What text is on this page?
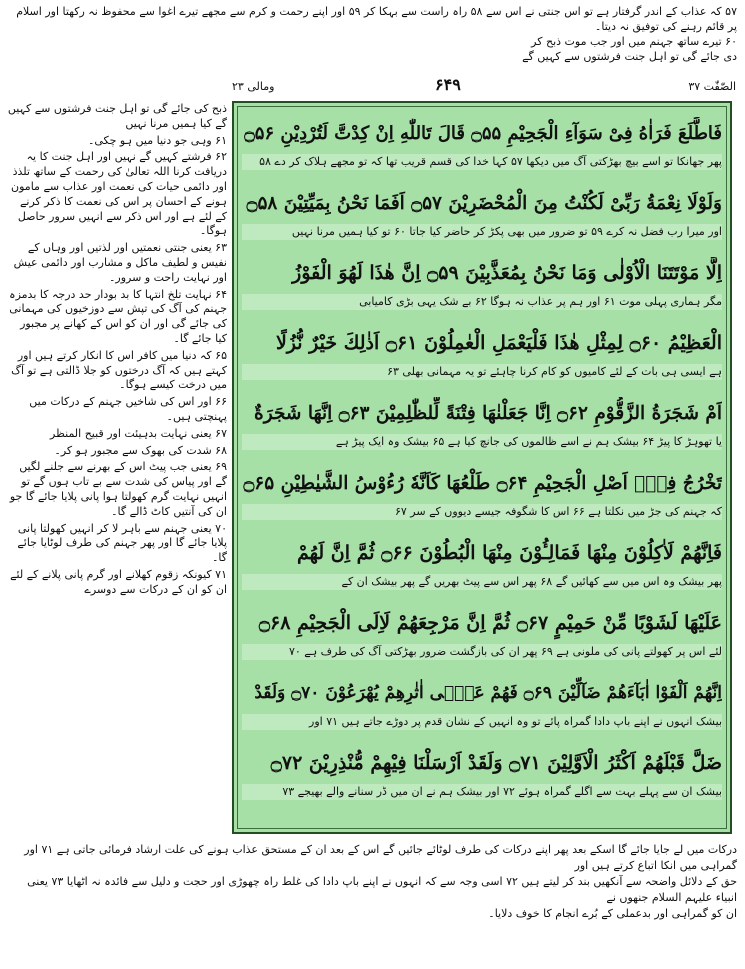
۵۷ کہ عذاب کے اندر گرفتار ہے تو اس جنتی نے اس سے ۵۸ راہ راست سے بہکا کر ۵۹ اور اپنے رحمت و کرم سے مجھے تیرے اغوا سے محفوظ نہ رکھتا اور اسلام پر قائم رہنے کی توفیق نہ دیتا۔
۶۰ تیرے ساتھ جہنم میں اور جب موت ذبح کر دی جائے گی تو اہل جنت فرشتوں سے کہیں گے
ومالی ۲۳	۶۴۹	الصّٰفّٰت ۳۷
فَاطَّلَعَ فَرَاٰهُ فِیْ سَوَآءِ الْجَحِیْمِ ۝۵۵ قَالَ تَاللّٰهِ اِنْ كِدْتَّ لَتُرْدِیْنِ ۝۵۶
پھر جھانکا تو اسے بیچ بھڑکتی آگ میں دیکھا ۵۷ کہا خدا کی قسم قریب تھا کہ تو مجھے ہلاک کر دے ۵۸
وَلَوْلَا نِعْمَةُ رَبِّیْ لَكُنْتُ مِنَ الْمُحْضَرِیْنَ ۝۵۷ اَفَمَا نَحْنُ بِمَیِّتِیْنَ ۝۵۸
اور میرا رب فضل نہ کرے ۵۹ تو ضرور میں بھی پکڑ کر حاضر کیا جاتا ۶۰ تو کیا ہمیں مرنا نہیں
اِلَّا مَوْتَتَنَا الْاُوْلٰى وَمَا نَحْنُ بِمُعَذَّبِیْنَ ۝۵۹ اِنَّ هٰذَا لَهُوَ الْفَوْزُ
مگر ہماری پہلی موت ۶۱ اور ہم پر عذاب نہ ہوگا ۶۲ بے شک یہی بڑی کامیابی
الْعَظِیْمُ ۝۶۰ لِمِثْلِ هٰذَا فَلْیَعْمَلِ الْعٰمِلُوْنَ ۝۶۱ اَذٰلِكَ خَیْرٌ نُّزُلًا
ہے ایسی ہی بات کے لئے کامیوں کو کام کرنا چاہئے تو یہ مہمانی بھلی ۶۳
اَمْ شَجَرَةُ الزَّقُّوْمِ ۝۶۲ اِنَّا جَعَلْنٰهَا فِتْنَةً لِّلظّٰلِمِیْنَ ۝۶۳ اِنَّهَا شَجَرَةٌ
یا تھوہڑ کا پیڑ ۶۴ بیشک ہم نے اسے ظالموں کی جانچ کیا ہے ۶۵ بیشک وہ ایک پیڑ ہے
تَخْرُجُ فِیْۤ اَصْلِ الْجَحِیْمِ ۝۶۴ طَلْعُهَا كَاَنَّهٗ رُءُوْسُ الشَّیٰطِیْنِ ۝۶۵
کہ جہنم کی جڑ میں نکلتا ہے ۶۶ اس کا شگوفہ جیسے دیووں کے سر ۶۷
فَاِنَّهُمْ لَاٰكِلُوْنَ مِنْهَا فَمَالِـُٔوْنَ مِنْهَا الْبُطُوْنَ ۝۶۶ ثُمَّ اِنَّ لَهُمْ
پھر بیشک وہ اس میں سے کھائیں گے ۶۸ پھر اس سے پیٹ بھریں گے پھر بیشک ان کے
عَلَیْهَا لَشَوْبًا مِّنْ حَمِیْمٍ ۝۶۷ ثُمَّ اِنَّ مَرْجِعَهُمْ لَاِلَى الْجَحِیْمِ ۝۶۸
لئے اس پر کھولتے پانی کی ملونی ہے ۶۹ پھر ان کی بازگشت ضرور بھڑکتی آگ کی طرف ہے ۷۰
اِنَّهُمْ اَلْفَوْا اٰبَآءَهُمْ ضَآلِّیْنَ ۝۶۹ فَهُمْ عَلٰۤى اٰثٰرِهِمْ یُهْرَعُوْنَ ۝۷۰ وَلَقَدْ
بیشک انہوں نے اپنے باپ دادا گمراہ پائے تو وہ انہیں کے نشان قدم پر دوڑے جاتے ہیں ۷۱ اور
ضَلَّ قَبْلَهُمْ اَكْثَرُ الْاَوَّلِیْنَ ۝۷۱ وَلَقَدْ اَرْسَلْنَا فِیْهِمْ مُّنْذِرِیْنَ ۝۷۲
بیشک ان سے پہلے بہت سے اگلے گمراہ ہوئے ۷۲ اور بیشک ہم نے ان میں ڈر سنانے والے بھیجے ۷۳

ذبح کی جائے گی تو اہل جنت فرشتوں سے کہیں گے کیا ہمیں مرنا نہیں

۶۱ وہی جو دنیا میں ہو چکی۔

۶۲ فرشتے کہیں گے نہیں اور اہل جنت کا یہ دریافت کرنا اللہ تعالیٰ کی رحمت کے ساتھ تلذذ اور دائمی حیات کی نعمت اور عذاب سے مامون ہونے کے احسان پر اس کی نعمت کا ذکر کرنے کے لئے ہے اور اس ذکر سے انہیں سرور حاصل ہوگا۔

۶۳ یعنی جنتی نعمتیں اور لذتیں اور وہاں کے نفیس و لطیف ماکل و مشارب اور دائمی عیش اور نہایت راحت و سرور۔

۶۴ نہایت تلخ انتہا کا بد بودار حد درجہ کا بدمزہ جہنم کی آگ کی تپش سے دوزخیوں کی مہمانی کی جائے گی اور ان کو اس کے کھانے پر مجبور کیا جائے گا۔

۶۵ کہ دنیا میں کافر اس کا انکار کرتے ہیں اور کہتے ہیں کہ آگ درختوں کو جلا ڈالتی ہے تو آگ میں درخت کیسے ہوگا۔

۶۶ اور اس کی شاخیں جہنم کے درکات میں پہنچتی ہیں۔

۶۷ یعنی نہایت بدہیئت اور قبیح المنظر

۶۸ شدت کی بھوک سے مجبور ہو کر۔

۶۹ یعنی جب پیٹ اس کے بھرنے سے جلنے لگیں گے اور پیاس کی شدت سے بے تاب ہوں گے تو انہیں نہایت گرم کھولتا ہوا پانی پلایا جائے گا جو ان کی آنتیں کاٹ ڈالے گا۔

۷۰ یعنی جہنم سے باہر لا کر انہیں کھولتا پانی پلایا جائے گا اور پھر جہنم کی طرف لوٹایا جائے گا۔

۷۱ کیونکہ زقوم کھلانے اور گرم پانی پلانے کے لئے ان کو ان کے درکات سے دوسرے

درکات میں لے جایا جائے گا اسکے بعد پھر اپنے درکات کی طرف لوٹائے جائیں گے اس کے بعد ان کے مستحق عذاب ہونے کی علت ارشاد فرمائی جاتی ہے ۷۱ اور گمراہی میں انکا اتباع کرتے ہیں اور
حق کے دلائل واضحہ سے آنکھیں بند کر لیتے ہیں ۷۲ اسی وجہ سے کہ انہوں نے اپنے باپ دادا کی غلط راہ چھوڑی اور حجت و دلیل سے فائدہ نہ اٹھایا ۷۳ یعنی انبیاء علیہم السلام جنھوں نے
ان کو گمراہی اور بدعملی کے بُرے انجام کا خوف دلایا۔
